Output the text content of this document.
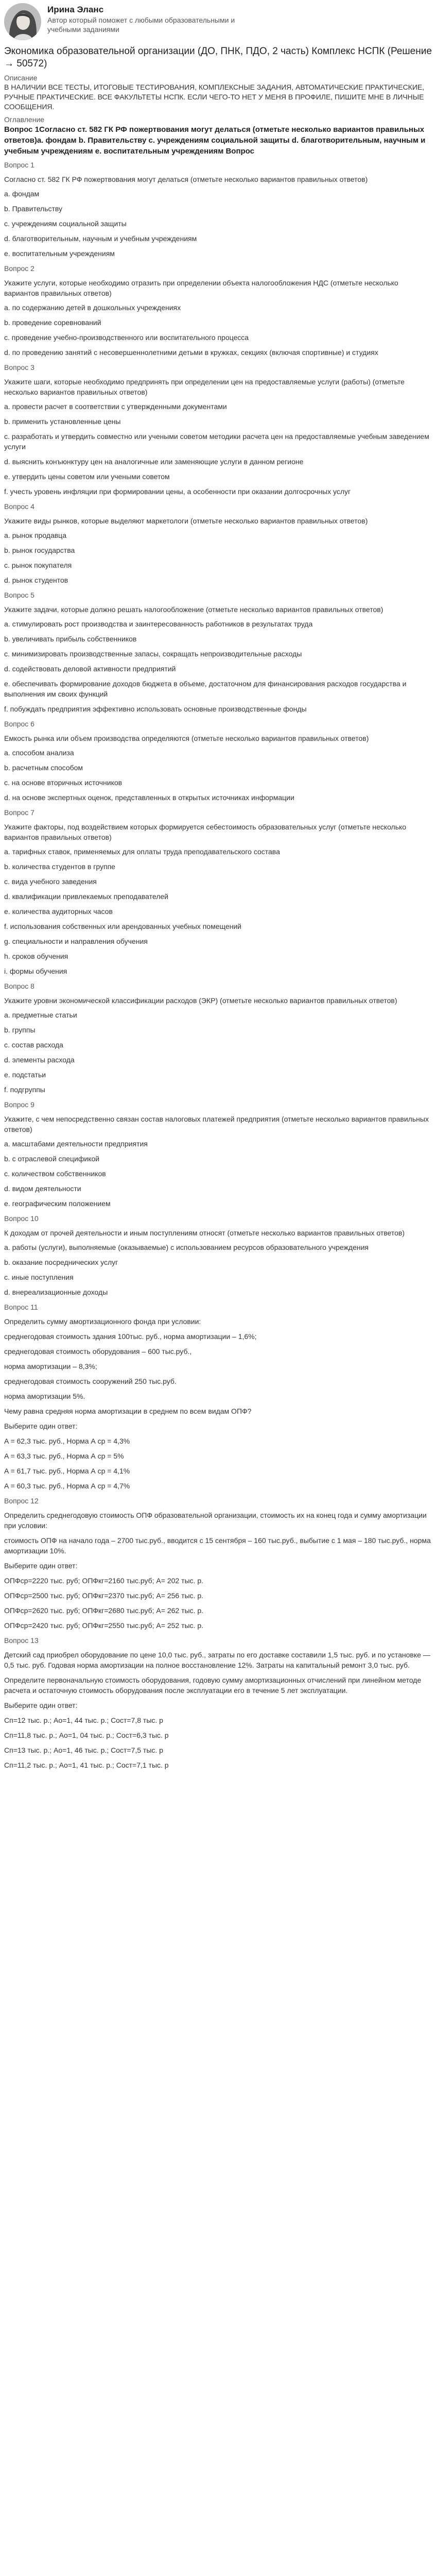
Ирина Эланс
Автор который поможет с любыми образовательными и учебными заданиями
Экономика образовательной организации (ДО, ПНК, ПДО, 2 часть) Комплекс НСПК (Решение → 50572)
Описание
В НАЛИЧИИ ВСЕ ТЕСТЫ, ИТОГОВЫЕ ТЕСТИРОВАНИЯ, КОМПЛЕКСНЫЕ ЗАДАНИЯ, АВТОМАТИЧЕСКИЕ ПРАКТИЧЕСКИЕ, РУЧНЫЕ ПРАКТИЧЕСКИЕ. ВСЕ ФАКУЛЬТЕТЫ НСПК. ЕСЛИ ЧЕГО-ТО НЕТ У МЕНЯ В ПРОФИЛЕ, ПИШИТЕ МНЕ В ЛИЧНЫЕ СООБЩЕНИЯ.
Оглавление
Вопрос 1Согласно ст. 582 ГК РФ пожертвования могут делаться (отметьте несколько вариантов правильных ответов)a. фондам b. Правительству c. учреждениям социальной защиты d. благотворительным, научным и учебным учреждениям e. воспитательным учреждениям Вопрос
Вопрос 1
Согласно ст. 582 ГК РФ пожертвования могут делаться (отметьте несколько вариантов правильных ответов)
a. фондам
b. Правительству
c. учреждениям социальной защиты
d. благотворительным, научным и учебным учреждениям
e. воспитательным учреждениям
Вопрос 2
Укажите услуги, которые необходимо отразить при определении объекта налогообложения НДС (отметьте несколько вариантов правильных ответов)
a. по содержанию детей в дошкольных учреждениях
b. проведение соревнований
c. проведение учебно-производственного или воспитательного процесса
d. по проведению занятий с несовершеннолетними детьми в кружках, секциях (включая спортивные) и студиях
Вопрос 3
Укажите шаги, которые необходимо предпринять при определении цен на предоставляемые услуги (работы) (отметьте несколько вариантов правильных ответов)
a. провести расчет в соответствии с утвержденными документами
b. применить установленные цены
c. разработать и утвердить совместно или учеными советом методики расчета цен на предоставляемые учебным заведением услуги
d. выяснить конъюнктуру цен на аналогичные или заменяющие услуги в данном регионе
e. утвердить цены советом или учеными советом
f. учесть уровень инфляции при формировании цены, а особенности при оказании долгосрочных услуг
Вопрос 4
Укажите виды рынков, которые выделяют маркетологи (отметьте несколько вариантов правильных ответов)
a. рынок продавца
b. рынок государства
c. рынок покупателя
d. рынок студентов
Вопрос 5
Укажите задачи, которые должно решать налогообложение (отметьте несколько вариантов правильных ответов)
a. стимулировать рост производства и заинтересованность работников в результатах труда
b. увеличивать прибыль собственников
c. минимизировать производственные запасы, сокращать непроизводительные расходы
d. содействовать деловой активности предприятий
e. обеспечивать формирование доходов бюджета в объеме, достаточном для финансирования расходов государства и выполнения им своих функций
f. побуждать предприятия эффективно использовать основные производственные фонды
Вопрос 6
Емкость рынка или объем производства определяются (отметьте несколько вариантов правильных ответов)
a. способом анализа
b. расчетным способом
c. на основе вторичных источников
d. на основе экспертных оценок, представленных в открытых источниках информации
Вопрос 7
Укажите факторы, под воздействием которых формируется себестоимость образовательных услуг (отметьте несколько вариантов правильных ответов)
a. тарифных ставок, применяемых для оплаты труда преподавательского состава
b. количества студентов в группе
c. вида учебного заведения
d. квалификации привлекаемых преподавателей
e. количества аудиторных часов
f. использования собственных или арендованных учебных помещений
g. специальности и направления обучения
h. сроков обучения
i. формы обучения
Вопрос 8
Укажите уровни экономической классификации расходов (ЭКР) (отметьте несколько вариантов правильных ответов)
a. предметные статьи
b. группы
c. состав расхода
d. элементы расхода
e. подстатьи
f. подгруппы
Вопрос 9
Укажите, с чем непосредственно связан состав налоговых платежей предприятия (отметьте несколько вариантов правильных ответов)
a. масштабами деятельности предприятия
b. с отраслевой спецификой
c. количеством собственников
d. видом деятельности
e. географическим положением
Вопрос 10
К доходам от прочей деятельности и иным поступлениям относят (отметьте несколько вариантов правильных ответов)
a. работы (услуги), выполняемые (оказываемые) с использованием ресурсов образовательного учреждения
b. оказание посреднических услуг
c. иные поступления
d. внереализационные доходы
Вопрос 11
Определить сумму амортизационного фонда при условии:
среднегодовая стоимость здания 100тыс. руб., норма амортизации – 1,6%;
среднегодовая стоимость оборудования – 600 тыс.руб.,
норма амортизации – 8,3%;
среднегодовая стоимость сооружений 250 тыс.руб.
норма амортизации 5%.
Чему равна средняя норма амортизации в среднем по всем видам ОПФ?
Выберите один ответ:
A = 62,3 тыс. руб., Норма А ср = 4,3%
A = 63,3 тыс. руб., Норма А ср = 5%
A = 61,7 тыс. руб., Норма А ср = 4,1%
A = 60,3 тыс. руб., Норма А ср = 4,7%
Вопрос 12
Определить среднегодовую стоимость ОПФ образовательной организации, стоимость их на конец года и сумму амортизации при условии:
стоимость ОПФ на начало года – 2700 тыс.руб., вводится с 15 сентября – 160 тыс.руб., выбытие с 1 мая – 180 тыс.руб., норма амортизации 10%.
Выберите один ответ:
ОПФср=2220 тыс. руб; ОПФкг=2160 тыс.руб; А= 202 тыс. р.
ОПФср=2500 тыс. руб; ОПФкг=2370 тыс.руб; А= 256 тыс. р.
ОПФср=2620 тыс. руб; ОПФкг=2680 тыс.руб; А= 262 тыс. р.
ОПФср=2420 тыс. руб; ОПФкг=2550 тыс.руб; А= 252 тыс. р.
Вопрос 13
Детский сад приобрел оборудование по цене 10,0 тыс. руб., затраты по его доставке составили 1,5 тыс. руб. и по установке — 0,5 тыс. руб. Годовая норма амортизации на полное восстановление 12%. Затраты на капитальный ремонт 3,0 тыс. руб.
Определите первоначальную стоимость оборудования, годовую сумму амортизационных отчислений при линейном методе расчета и остаточную стоимость оборудования после эксплуатации его в течение 5 лет эксплуатации.
Выберите один ответ:
Сп=12 тыс. р.; Ао=1, 44 тыс. р.; Сост=7,8 тыс. р
Сп=11,8 тыс. р.; Ао=1, 04 тыс. р.; Сост=6,3 тыс. р
Сп=13 тыс. р.; Ао=1, 46 тыс. р.; Сост=7,5 тыс. р
Сп=11,2 тыс. р.; Ао=1, 41 тыс. р.; Сост=7,1 тыс. р
